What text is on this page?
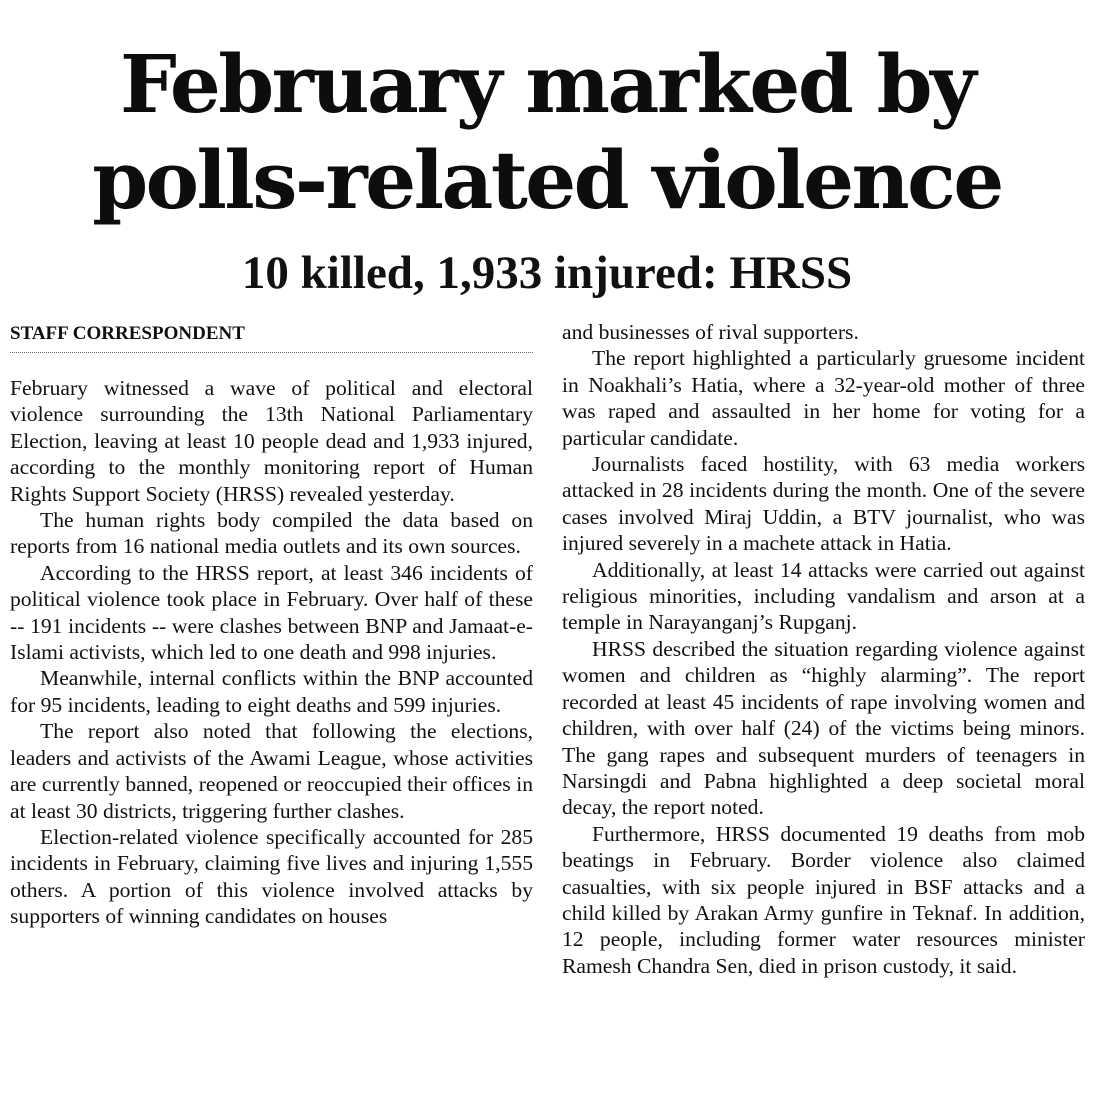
February marked by polls-related violence
10 killed, 1,933 injured: HRSS
STAFF CORRESPONDENT

February witnessed a wave of political and electoral violence surrounding the 13th National Parliamentary Election, leaving at least 10 people dead and 1,933 injured, according to the monthly monitoring report of Human Rights Support Society (HRSS) revealed yesterday.

The human rights body compiled the data based on reports from 16 national media outlets and its own sources.

According to the HRSS report, at least 346 incidents of political violence took place in February. Over half of these -- 191 incidents -- were clashes between BNP and Jamaat-e-Islami activists, which led to one death and 998 injuries.

Meanwhile, internal conflicts within the BNP accounted for 95 incidents, leading to eight deaths and 599 injuries.

The report also noted that following the elections, leaders and activists of the Awami League, whose activities are currently banned, reopened or reoccupied their offices in at least 30 districts, triggering further clashes.

Election-related violence specifically accounted for 285 incidents in February, claiming five lives and injuring 1,555 others. A portion of this violence involved attacks by supporters of winning candidates on houses

and businesses of rival supporters.

The report highlighted a particularly gruesome incident in Noakhali’s Hatia, where a 32-year-old mother of three was raped and assaulted in her home for voting for a particular candidate.

Journalists faced hostility, with 63 media workers attacked in 28 incidents during the month. One of the severe cases involved Miraj Uddin, a BTV journalist, who was injured severely in a machete attack in Hatia.

Additionally, at least 14 attacks were carried out against religious minorities, including vandalism and arson at a temple in Narayanganj’s Rupganj.

HRSS described the situation regarding violence against women and children as “highly alarming”. The report recorded at least 45 incidents of rape involving women and children, with over half (24) of the victims being minors. The gang rapes and subsequent murders of teenagers in Narsingdi and Pabna highlighted a deep societal moral decay, the report noted.

Furthermore, HRSS documented 19 deaths from mob beatings in February. Border violence also claimed casualties, with six people injured in BSF attacks and a child killed by Arakan Army gunfire in Teknaf. In addition, 12 people, including former water resources minister Ramesh Chandra Sen, died in prison custody, it said.
